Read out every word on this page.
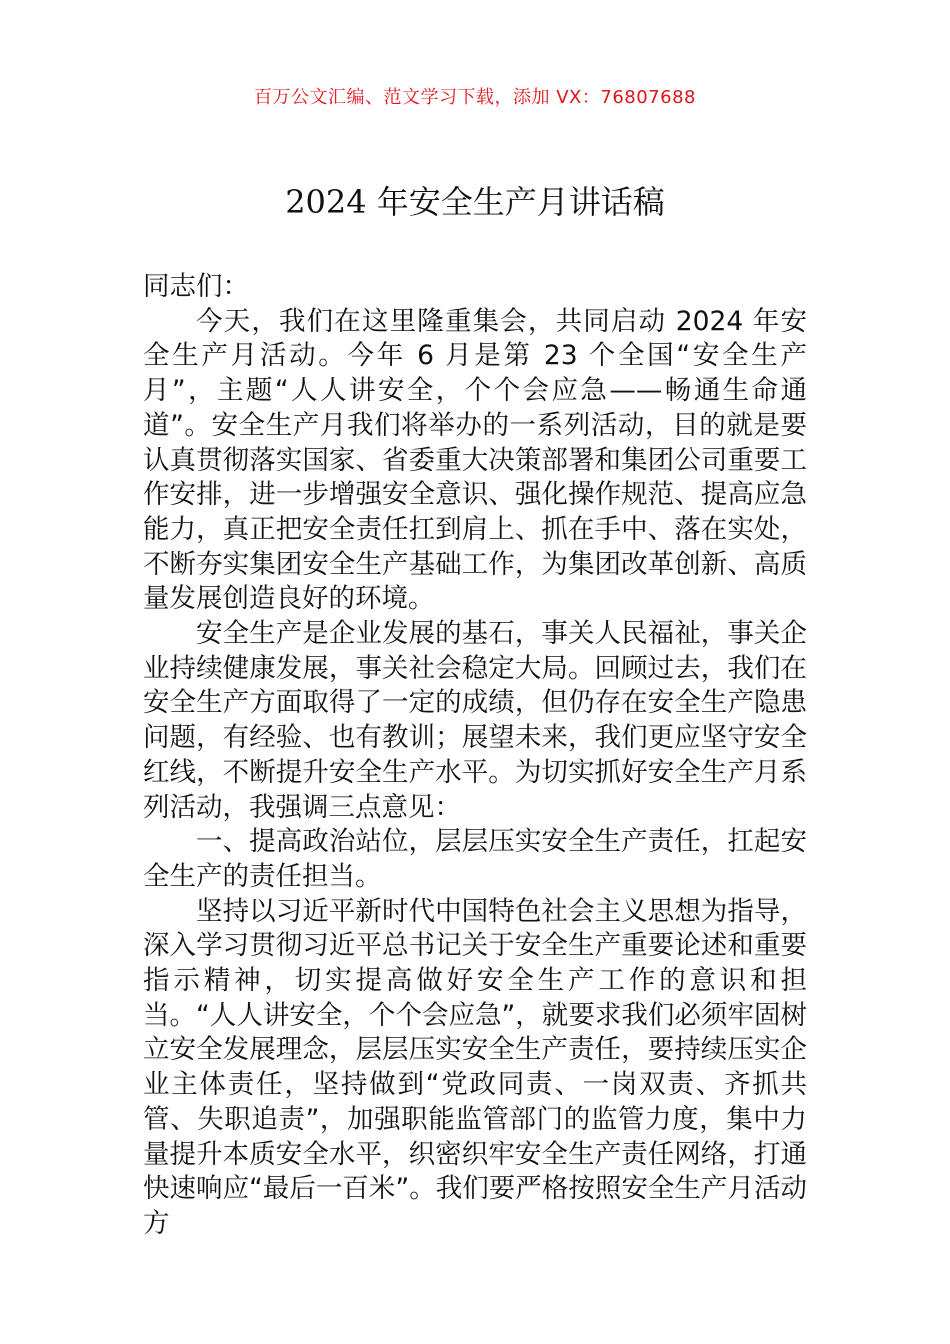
百万公文汇编、范文学习下载，添加 VX：76807688
2024 年安全生产月讲话稿

同志们：

今天，我们在这里隆重集会，共同启动 2024 年安全生产月活动。今年 6 月是第 23 个全国“安全生产月”，主题“人人讲安全，个个会应急——畅通生命通道”。安全生产月我们将举办的一系列活动，目的就是要认真贯彻落实国家、省委重大决策部署和集团公司重要工作安排，进一步增强安全意识、强化操作规范、提高应急能力，真正把安全责任扛到肩上、抓在手中、落在实处，不断夯实集团安全生产基础工作，为集团改革创新、高质量发展创造良好的环境。

安全生产是企业发展的基石，事关人民福祉，事关企业持续健康发展，事关社会稳定大局。回顾过去，我们在安全生产方面取得了一定的成绩，但仍存在安全生产隐患问题，有经验、也有教训；展望未来，我们更应坚守安全红线，不断提升安全生产水平。为切实抓好安全生产月系列活动，我强调三点意见：

一、提高政治站位，层层压实安全生产责任，扛起安全生产的责任担当。

坚持以习近平新时代中国特色社会主义思想为指导，深入学习贯彻习近平总书记关于安全生产重要论述和重要指示精神，切实提高做好安全生产工作的意识和担当。“人人讲安全，个个会应急”，就要求我们必须牢固树立安全发展理念，层层压实安全生产责任，要持续压实企业主体责任，坚持做到“党政同责、一岗双责、齐抓共管、失职追责”，加强职能监管部门的监管力度，集中力量提升本质安全水平，织密织牢安全生产责任网络，打通快速响应“最后一百米”。我们要严格按照安全生产月活动方
